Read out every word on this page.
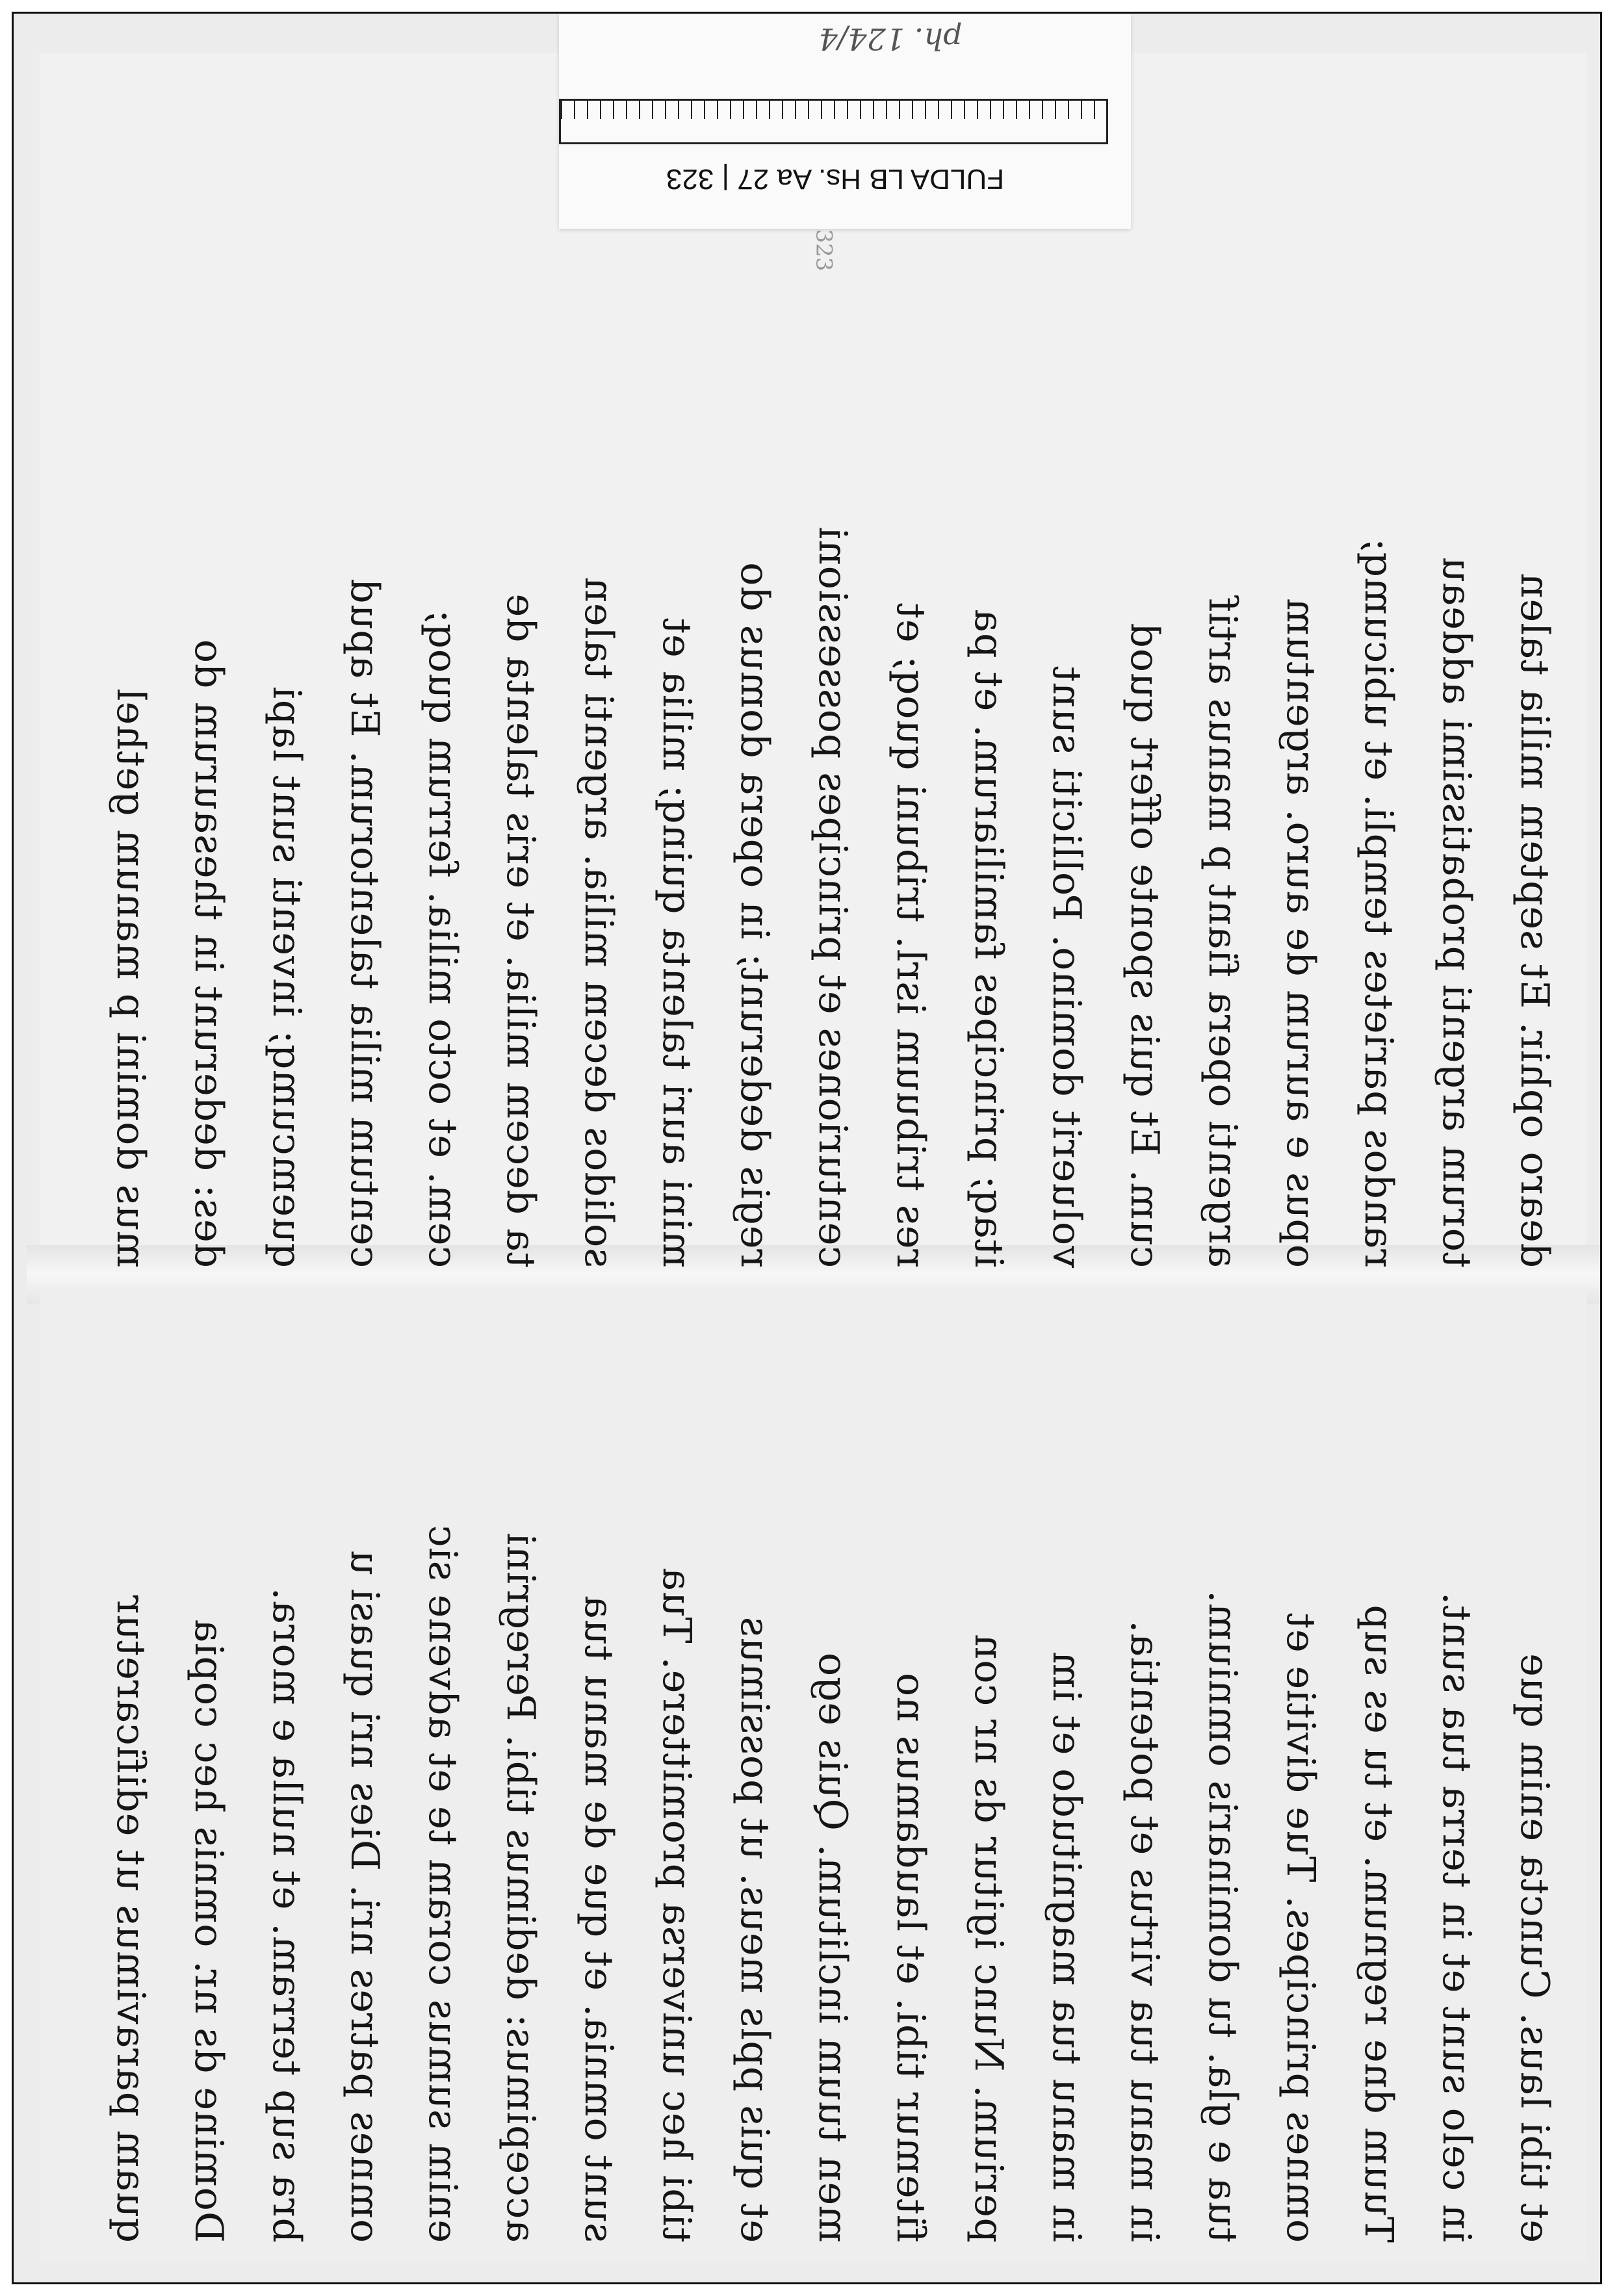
dearo ophir. Et septem milia talen
torum argenti probatissimi addeau
randos parietes templi. et ubicumq;
opus e aurum de auro. argentum
argenti opera fiant p manus artif
cum. Et quis sponte offert quod
voluerit domino. Polliciti sunt
itaq; principes familiarum. et pa
res tribuum isrl. tribuni quoq; et
centuriones et principes possessioni
regis dederunt; in opera domus do
mini auri talenta quinq; milia et
solidos decem milia. argenti talen
ta decem milia. et eris talenta de
cem. et octo milia. ferrum quoq;
centum milia talentorum. Et apud
quemcumq; inventi sunt lapi
des: dederunt in thesaurum do
mus domini p manum gethel
et tibi laus. Cuncta enim que
in celo sunt et in terra tua sunt.
Tuum dne regnum. et tu es sup
omnes principes. Tue divitie et
tua e gla. tu dominaris omnium.
in manu tua virtus et potentia.
in manu tua magnitudo et im
perium. Nunc igitur ds nr con
fitemur tibi. et laudamus no
men tuum inclitum. Quis ego
et quis ppls meus. ut possimus
tibi hec universa promittere. Tua
sunt omnia. et que de manu tua
accepimus: dedimus tibi. Peregrini
enim sumus coram te et advene sic
omnes patres nri. Dies nri quasi u
bra sup terram. et nulla e mora.
Domine ds nr. omnis hec copia
quam paravimus ut edificaretur
FULDA LB Hs. Aa 27 | 323
ph. 124/4
323
